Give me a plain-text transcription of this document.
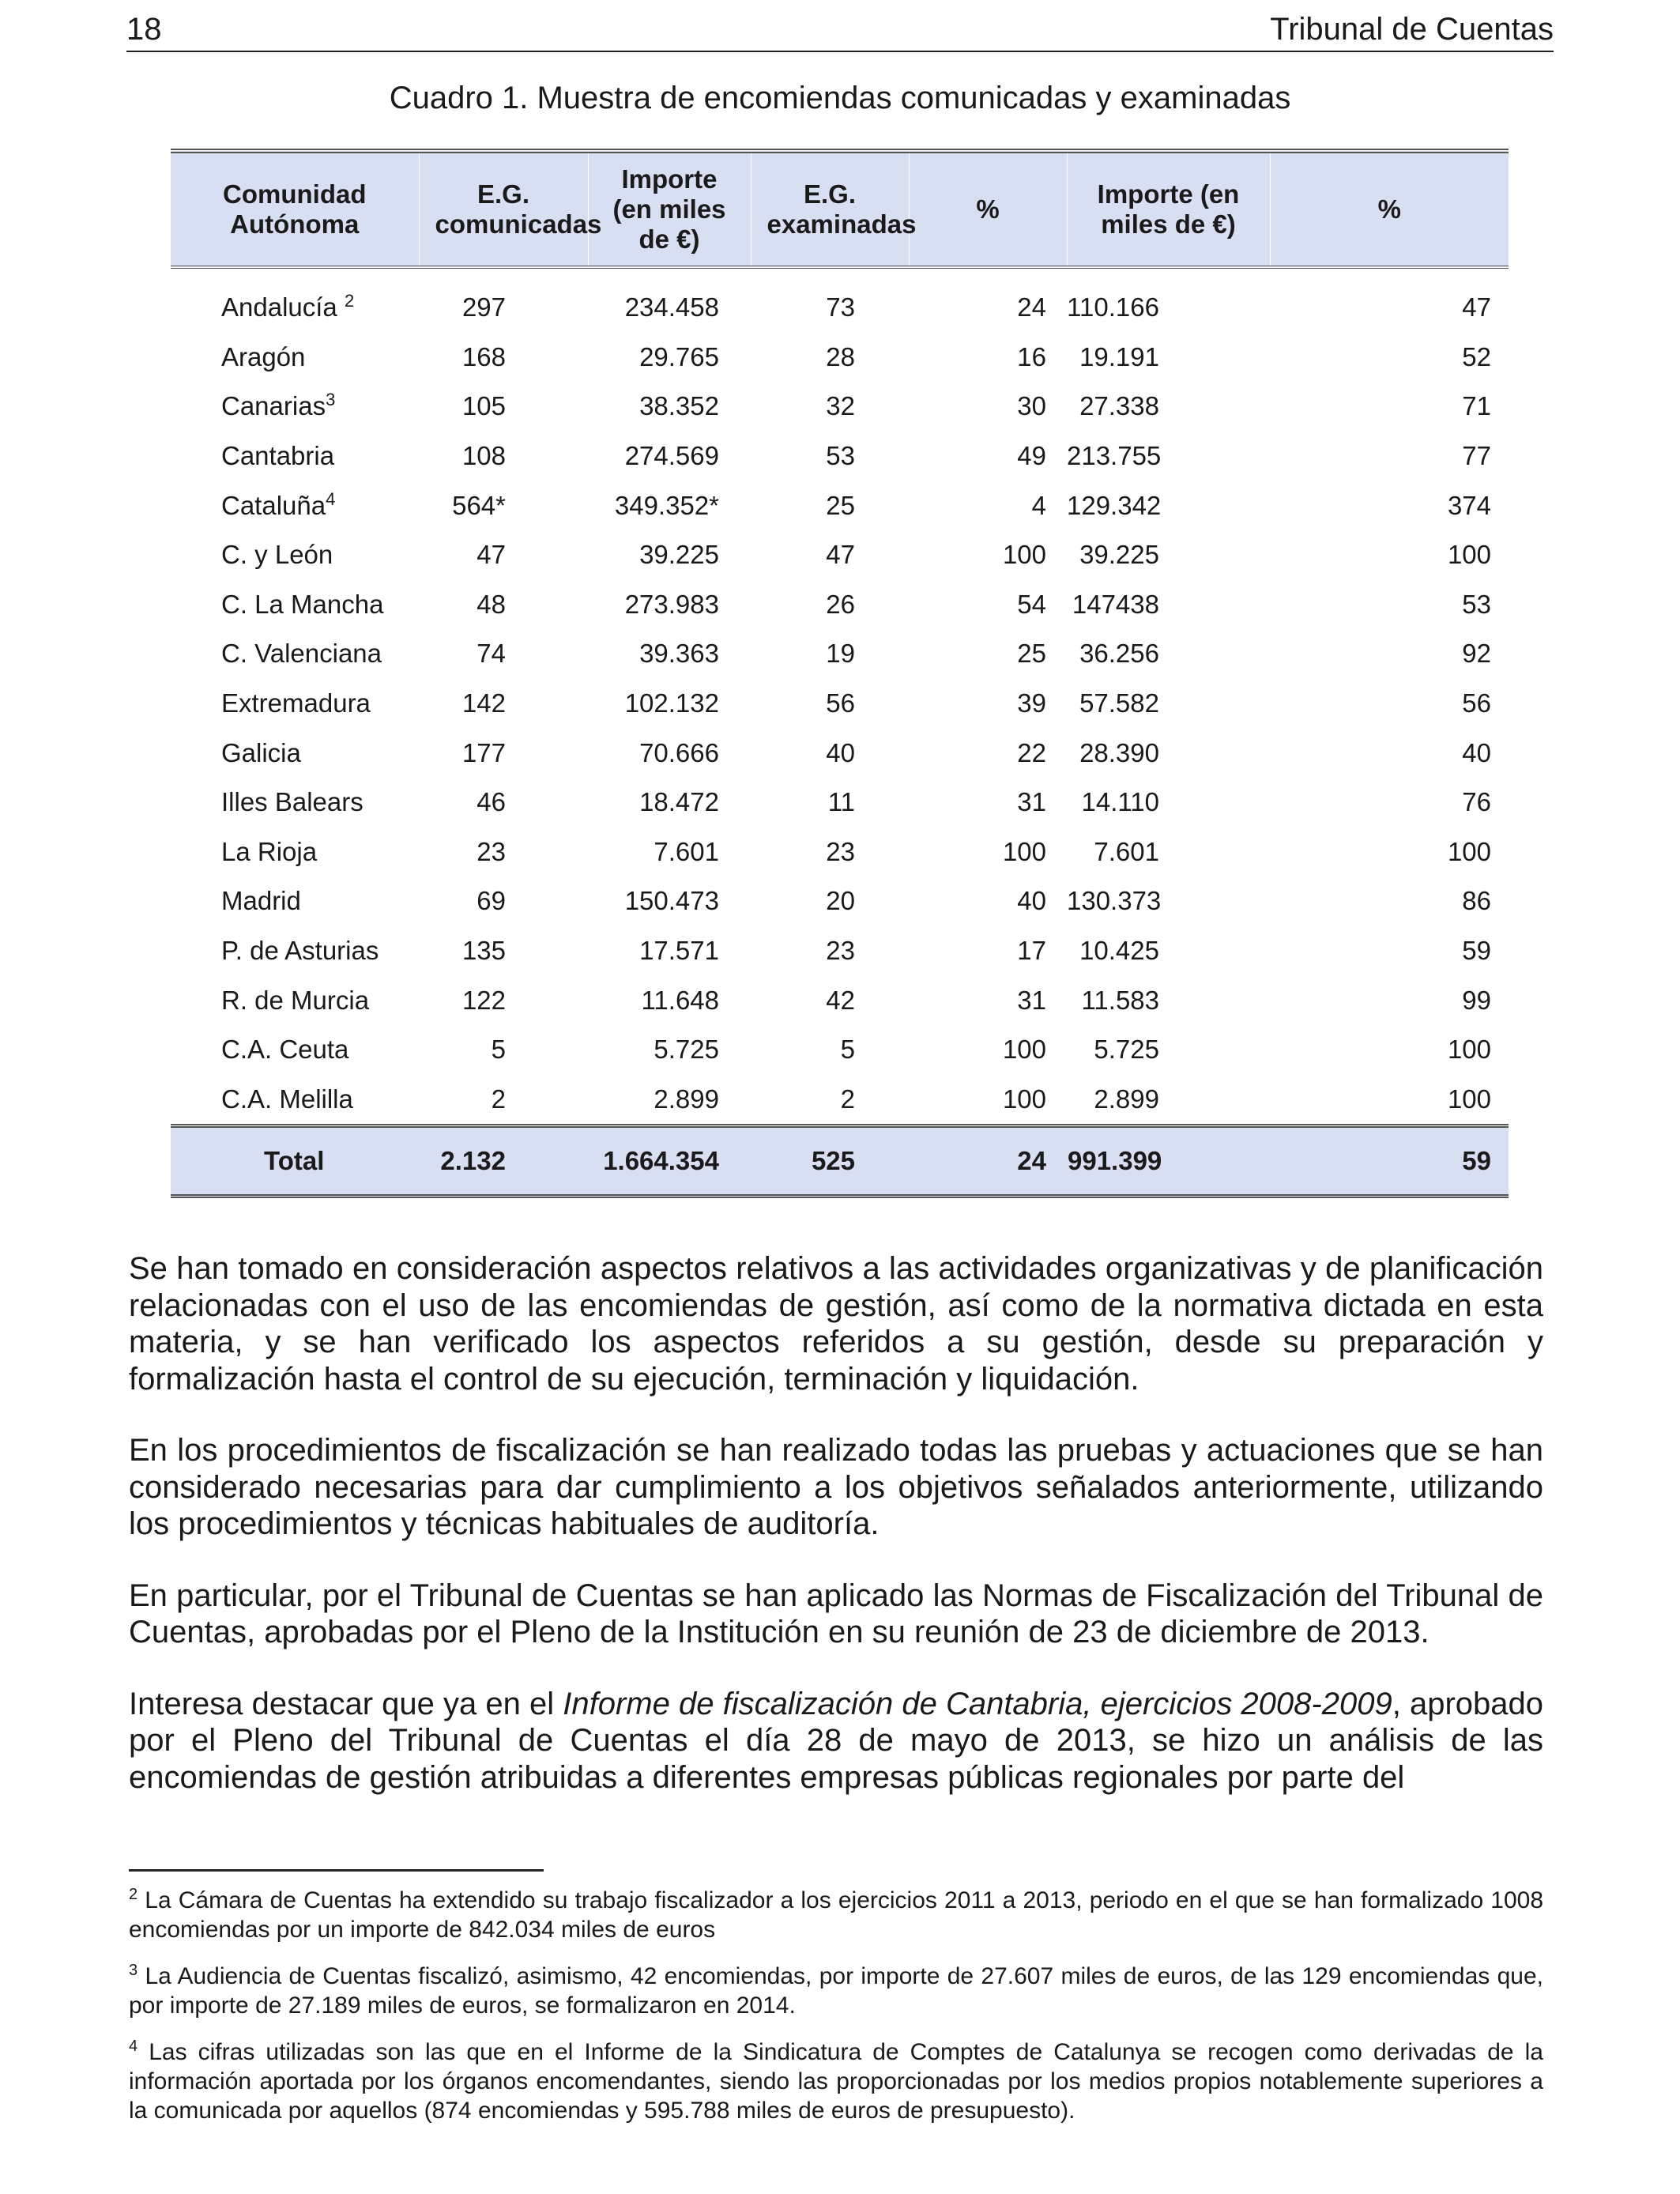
18	Tribunal de Cuentas
Cuadro 1. Muestra de encomiendas comunicadas y examinadas
Comunidad Autónoma	E.G. comunicadas	Importe (en miles de €)	E.G. examinadas	%	Importe (en miles de €)	%
Andalucía $^2$	297	234.458	73	24	110.166	47
Aragón	168	29.765	28	16	19.191	52
Canarias$^3$	105	38.352	32	30	27.338	71
Cantabria	108	274.569	53	49	213.755	77
Cataluña$^4$	564*	349.352*	25	4	129.342	374
C. y León	47	39.225	47	100	39.225	100
C. La Mancha	48	273.983	26	54	147438	53
C. Valenciana	74	39.363	19	25	36.256	92
Extremadura	142	102.132	56	39	57.582	56
Galicia	177	70.666	40	22	28.390	40
Illes Balears	46	18.472	11	31	14.110	76
La Rioja	23	7.601	23	100	7.601	100
Madrid	69	150.473	20	40	130.373	86
P. de Asturias	135	17.571	23	17	10.425	59
R. de Murcia	122	11.648	42	31	11.583	99
C.A. Ceuta	5	5.725	5	100	5.725	100
C.A. Melilla	2	2.899	2	100	2.899	100
Total	2.132	1.664.354	525	24	991.399	59

Se han tomado en consideración aspectos relativos a las actividades organizativas y de planificación relacionadas con el uso de las encomiendas de gestión, así como de la normativa dictada en esta materia, y se han verificado los aspectos referidos a su gestión, desde su preparación y formalización hasta el control de su ejecución, terminación y liquidación.

En los procedimientos de fiscalización se han realizado todas las pruebas y actuaciones que se han considerado necesarias para dar cumplimiento a los objetivos señalados anteriormente, utilizando los procedimientos y técnicas habituales de auditoría.

En particular, por el Tribunal de Cuentas se han aplicado las Normas de Fiscalización del Tribunal de Cuentas, aprobadas por el Pleno de la Institución en su reunión de 23 de diciembre de 2013.

Interesa destacar que ya en el Informe de fiscalización de Cantabria, ejercicios 2008-2009, aprobado por el Pleno del Tribunal de Cuentas el día 28 de mayo de 2013, se hizo un análisis de las encomiendas de gestión atribuidas a diferentes empresas públicas regionales por parte del

$^2$ La Cámara de Cuentas ha extendido su trabajo fiscalizador a los ejercicios 2011 a 2013, periodo en el que se han formalizado 1008 encomiendas por un importe de 842.034 miles de euros

$^3$ La Audiencia de Cuentas fiscalizó, asimismo, 42 encomiendas, por importe de 27.607 miles de euros, de las 129 encomiendas que, por importe de 27.189 miles de euros, se formalizaron en 2014.

$^4$ Las cifras utilizadas son las que en el Informe de la Sindicatura de Comptes de Catalunya se recogen como derivadas de la información aportada por los órganos encomendantes, siendo las proporcionadas por los medios propios notablemente superiores a la comunicada por aquellos (874 encomiendas y 595.788 miles de euros de presupuesto).
